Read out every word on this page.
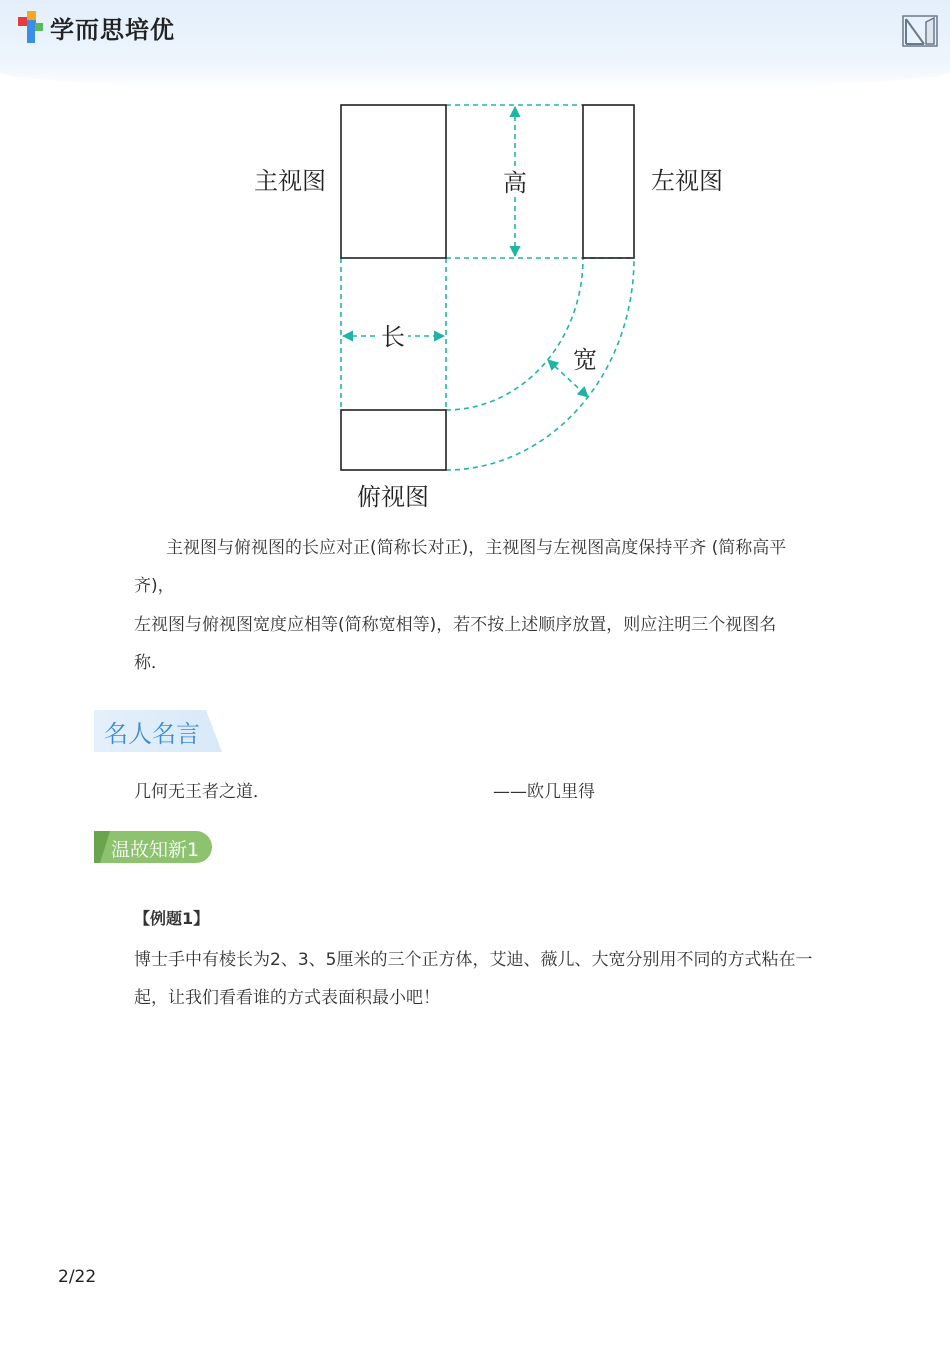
学而思培优
主视图	左视图
俯视图
高
长
宽
主视图与俯视图的长应对正(简称长对正)，主视图与左视图高度保持平齐 (简称高平
齐)，
左视图与俯视图宽度应相等(简称宽相等)，若不按上述顺序放置，则应注明三个视图名
称．
名人名言
几何无王者之道．	——欧几里得
温故知新1
【例题1】
博士手中有棱长为2、3、5厘米的三个正方体，艾迪、薇儿、大宽分别用不同的方式粘在一
起，让我们看看谁的方式表面积最小吧！
2/22
